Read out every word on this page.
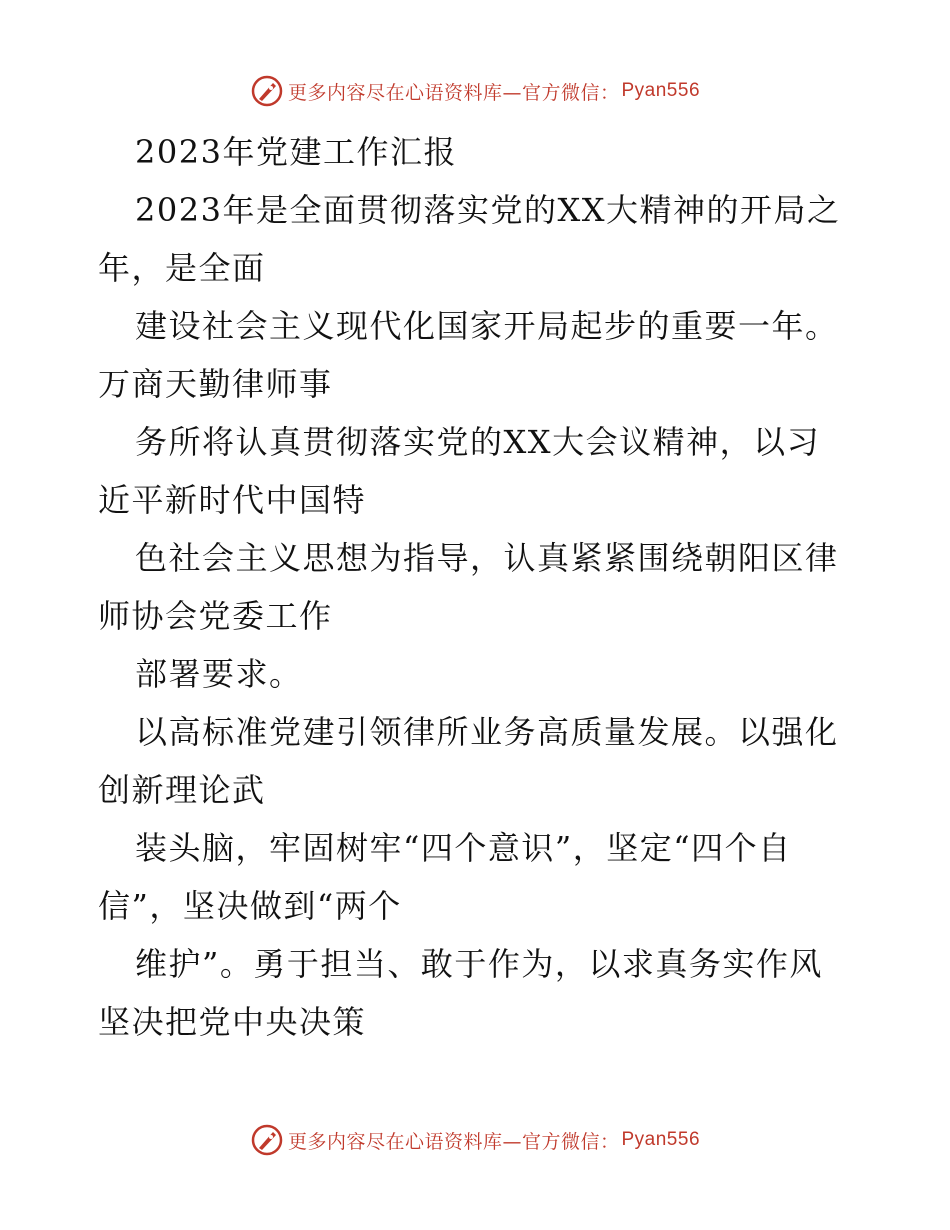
更多内容尽在心语资料库—官方微信： Pyan556
2023年党建工作汇报
2023年是全面贯彻落实党的XX大精神的开局之
年，是全面
建设社会主义现代化国家开局起步的重要一年。
万商天勤律师事
务所将认真贯彻落实党的XX大会议精神，以习
近平新时代中国特
色社会主义思想为指导，认真紧紧围绕朝阳区律
师协会党委工作
部署要求。
以高标准党建引领律所业务高质量发展。以强化
创新理论武
装头脑，牢固树牢“四个意识”，坚定“四个自
信”，坚决做到“两个
维护”。勇于担当、敢于作为，以求真务实作风
坚决把党中央决策
更多内容尽在心语资料库—官方微信： Pyan556
